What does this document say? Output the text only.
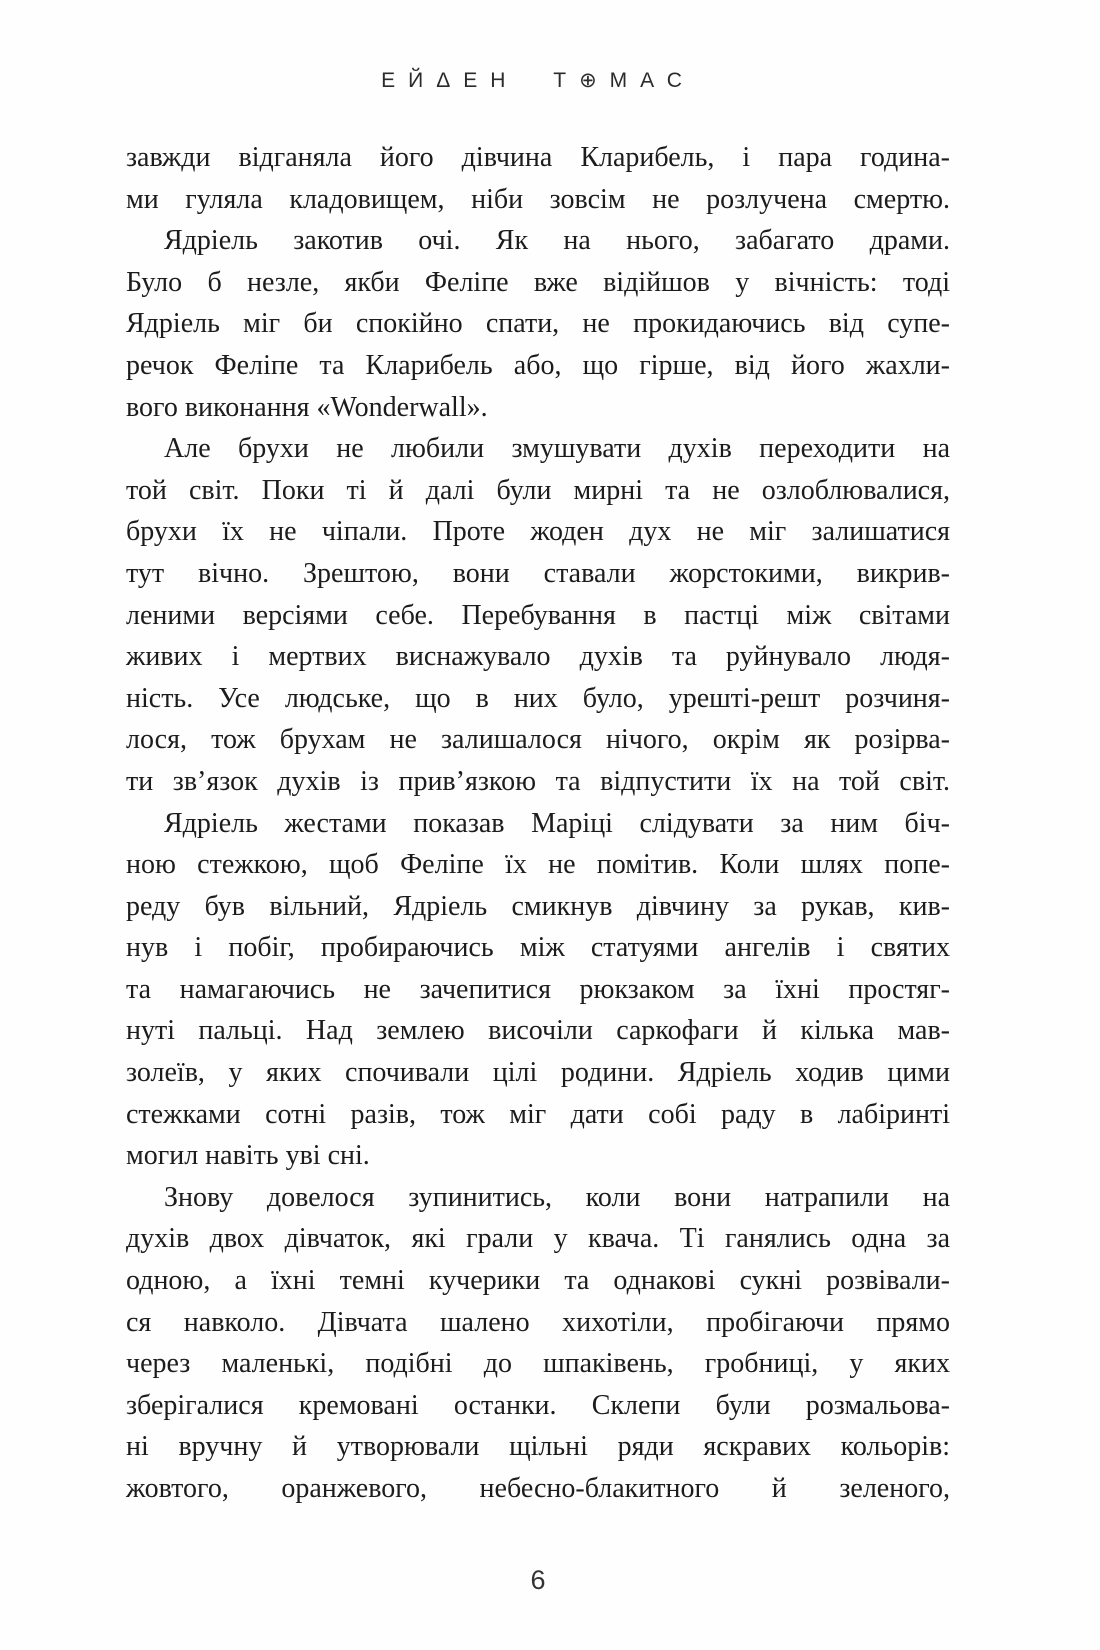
ЕЙΔЕН Т⊕МАС
завжди відганяла його дівчина Кларибель, і пара година-
ми гуляла кладовищем, ніби зовсім не розлучена смертю.
Ядріель закотив очі. Як на нього, забагато драми.
Було б незле, якби Феліпе вже відійшов у вічність: тоді
Ядріель міг би спокійно спати, не прокидаючись від супе-
речок Феліпе та Кларибель або, що гірше, від його жахли-
вого виконання «Wonderwall».
Але брухи не любили змушувати духів переходити на
той світ. Поки ті й далі були мирні та не озлоблювалися,
брухи їх не чіпали. Проте жоден дух не міг залишатися
тут вічно. Зрештою, вони ставали жорстокими, викрив-
леними версіями себе. Перебування в пастці між світами
живих і мертвих виснажувало духів та руйнувало людя-
ність. Усе людське, що в них було, урешті-решт розчиня-
лося, тож брухам не залишалося нічого, окрім як розірва-
ти зв’язок духів із прив’язкою та відпустити їх на той світ.
Ядріель жестами показав Маріці слідувати за ним біч-
ною стежкою, щоб Феліпе їх не помітив. Коли шлях попе-
реду був вільний, Ядріель смикнув дівчину за рукав, кив-
нув і побіг, пробираючись між статуями ангелів і святих
та намагаючись не зачепитися рюкзаком за їхні простяг-
нуті пальці. Над землею височіли саркофаги й кілька мав-
золеїв, у яких спочивали цілі родини. Ядріель ходив цими
стежками сотні разів, тож міг дати собі раду в лабіринті
могил навіть уві сні.
Знову довелося зупинитись, коли вони натрапили на
духів двох дівчаток, які грали у квача. Ті ганялись одна за
одною, а їхні темні кучерики та однакові сукні розвівали-
ся навколо. Дівчата шалено хихотіли, пробігаючи прямо
через маленькі, подібні до шпаківень, гробниці, у яких
зберігалися кремовані останки. Склепи були розмальова-
ні вручну й утворювали щільні ряди яскравих кольорів:
жовтого, оранжевого, небесно-блакитного й зеленого,
6
